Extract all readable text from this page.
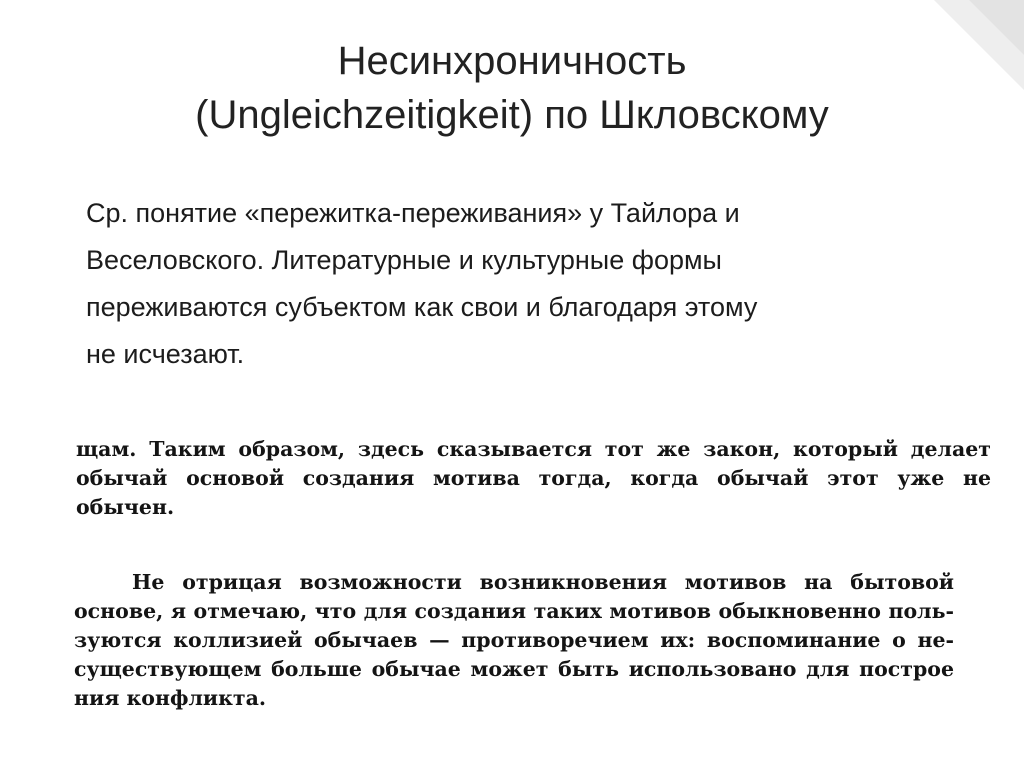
Несинхроничность
(Ungleichzeitigkeit) по Шкловскому
Ср. понятие «пережитка-переживания» у Тайлора и
Веселовского. Литературные и культурные формы
переживаются субъектом как свои и благодаря этому
не исчезают.
щам. Таким образом, здесь сказывается тот же закон, который делает
обычай основой создания мотива тогда, когда обычай этот уже не
обычен.
Не отрицая возможности возникновения мотивов на бытовой
основе, я отмечаю, что для создания таких мотивов обыкновенно поль-
зуются коллизией обычаев — противоречием их: воспоминание о не-
существующем больше обычае может быть использовано для построе
ния конфликта.
